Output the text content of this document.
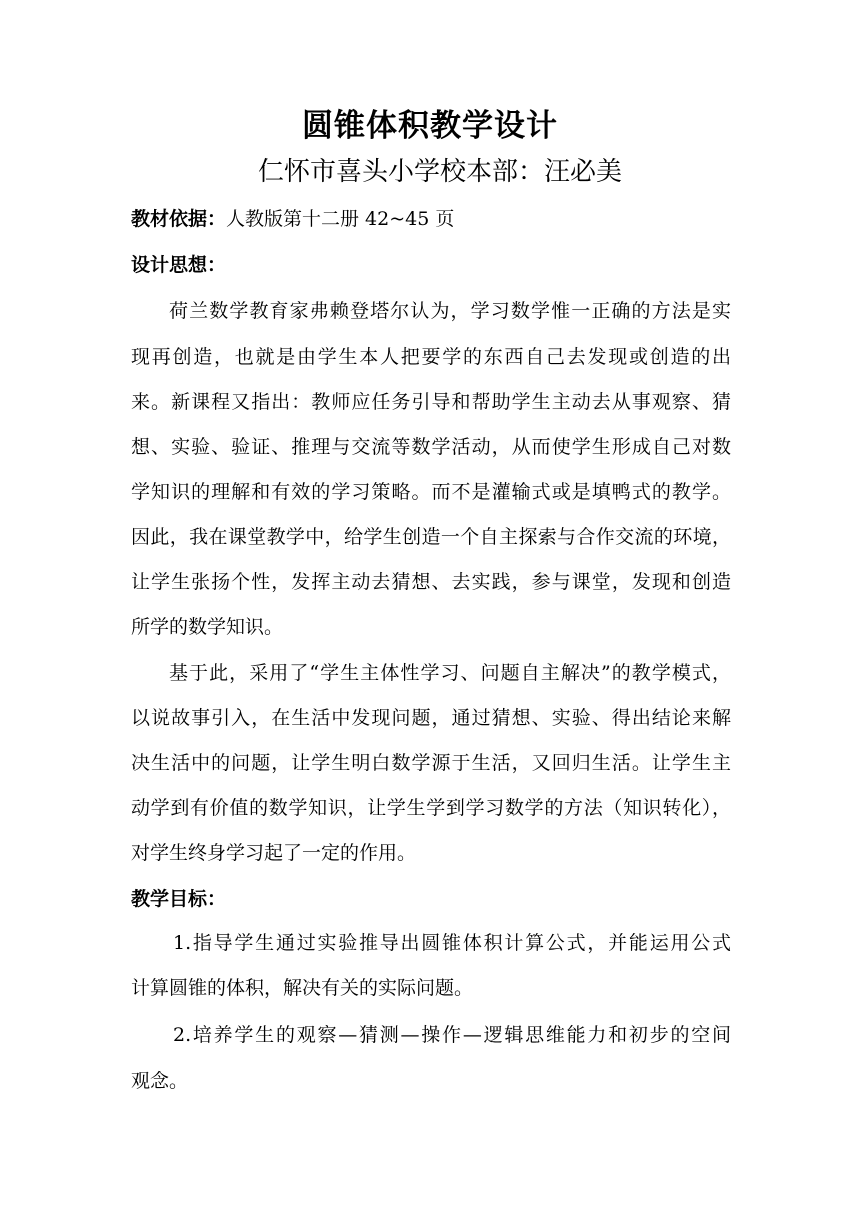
圆锥体积教学设计
仁怀市喜头小学校本部：汪必美
教材依据：人教版第十二册 42~45 页
设计思想：
荷兰数学教育家弗赖登塔尔认为，学习数学惟一正确的方法是实
现再创造，也就是由学生本人把要学的东西自己去发现或创造的出
来。新课程又指出：教师应任务引导和帮助学生主动去从事观察、猜
想、实验、验证、推理与交流等数学活动，从而使学生形成自己对数
学知识的理解和有效的学习策略。而不是灌输式或是填鸭式的教学。
因此，我在课堂教学中，给学生创造一个自主探索与合作交流的环境，
让学生张扬个性，发挥主动去猜想、去实践，参与课堂，发现和创造
所学的数学知识。
基于此，采用了“学生主体性学习、问题自主解决”的教学模式，
以说故事引入，在生活中发现问题，通过猜想、实验、得出结论来解
决生活中的问题，让学生明白数学源于生活，又回归生活。让学生主
动学到有价值的数学知识，让学生学到学习数学的方法（知识转化），
对学生终身学习起了一定的作用。
教学目标：
1.指导学生通过实验推导出圆锥体积计算公式，并能运用公式
计算圆锥的体积，解决有关的实际问题。
2.培养学生的观察—猜测—操作—逻辑思维能力和初步的空间
观念。
